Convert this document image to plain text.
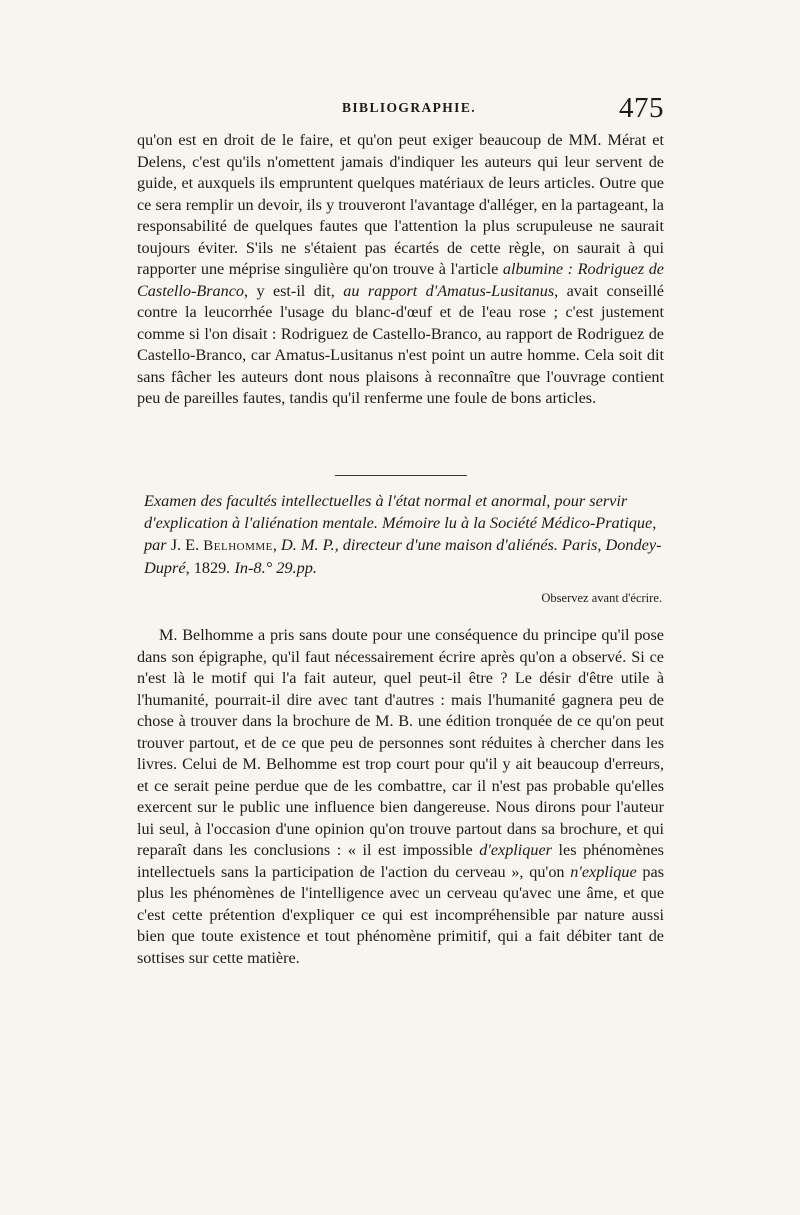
BIBLIOGRAPHIE.	475

qu'on est en droit de le faire, et qu'on peut exiger beaucoup de MM. Mérat et Delens, c'est qu'ils n'omettent jamais d'indiquer les auteurs qui leur servent de guide, et auxquels ils empruntent quelques matériaux de leurs articles. Outre que ce sera remplir un devoir, ils y trouveront l'avantage d'alléger, en la partageant, la responsabilité de quelques fautes que l'attention la plus scrupuleuse ne saurait toujours éviter. S'ils ne s'étaient pas écartés de cette règle, on saurait à qui rapporter une méprise singulière qu'on trouve à l'article albumine : Rodriguez de Castello-Branco, y est-il dit, au rapport d'Amatus-Lusitanus, avait conseillé contre la leucorrhée l'usage du blanc-d'œuf et de l'eau rose ; c'est justement comme si l'on disait : Rodriguez de Castello-Branco, au rapport de Rodriguez de Castello-Branco, car Amatus-Lusitanus n'est point un autre homme. Cela soit dit sans fâcher les auteurs dont nous plaisons à reconnaître que l'ouvrage contient peu de pareilles fautes, tandis qu'il renferme une foule de bons articles.

Examen des facultés intellectuelles à l'état normal et anormal, pour servir d'explication à l'aliénation mentale. Mémoire lu à la Société Médico-Pratique, par J. E. Belhomme, D. M. P., directeur d'une maison d'aliénés. Paris, Dondey-Dupré, 1829. In-8.° 29.pp.

Observez avant d'écrire.

M. Belhomme a pris sans doute pour une conséquence du principe qu'il pose dans son épigraphe, qu'il faut nécessairement écrire après qu'on a observé. Si ce n'est là le motif qui l'a fait auteur, quel peut-il être ? Le désir d'être utile à l'humanité, pourrait-il dire avec tant d'autres : mais l'humanité gagnera peu de chose à trouver dans la brochure de M. B. une édition tronquée de ce qu'on peut trouver partout, et de ce que peu de personnes sont réduites à chercher dans les livres. Celui de M. Belhomme est trop court pour qu'il y ait beaucoup d'erreurs, et ce serait peine perdue que de les combattre, car il n'est pas probable qu'elles exercent sur le public une influence bien dangereuse. Nous dirons pour l'auteur lui seul, à l'occasion d'une opinion qu'on trouve partout dans sa brochure, et qui reparaît dans les conclusions : « il est impossible d'expliquer les phénomènes intellectuels sans la participation de l'action du cerveau », qu'on n'explique pas plus les phénomènes de l'intelligence avec un cerveau qu'avec une âme, et que c'est cette prétention d'expliquer ce qui est incompréhensible par nature aussi bien que toute existence et tout phénomène primitif, qui a fait débiter tant de sottises sur cette matière.
